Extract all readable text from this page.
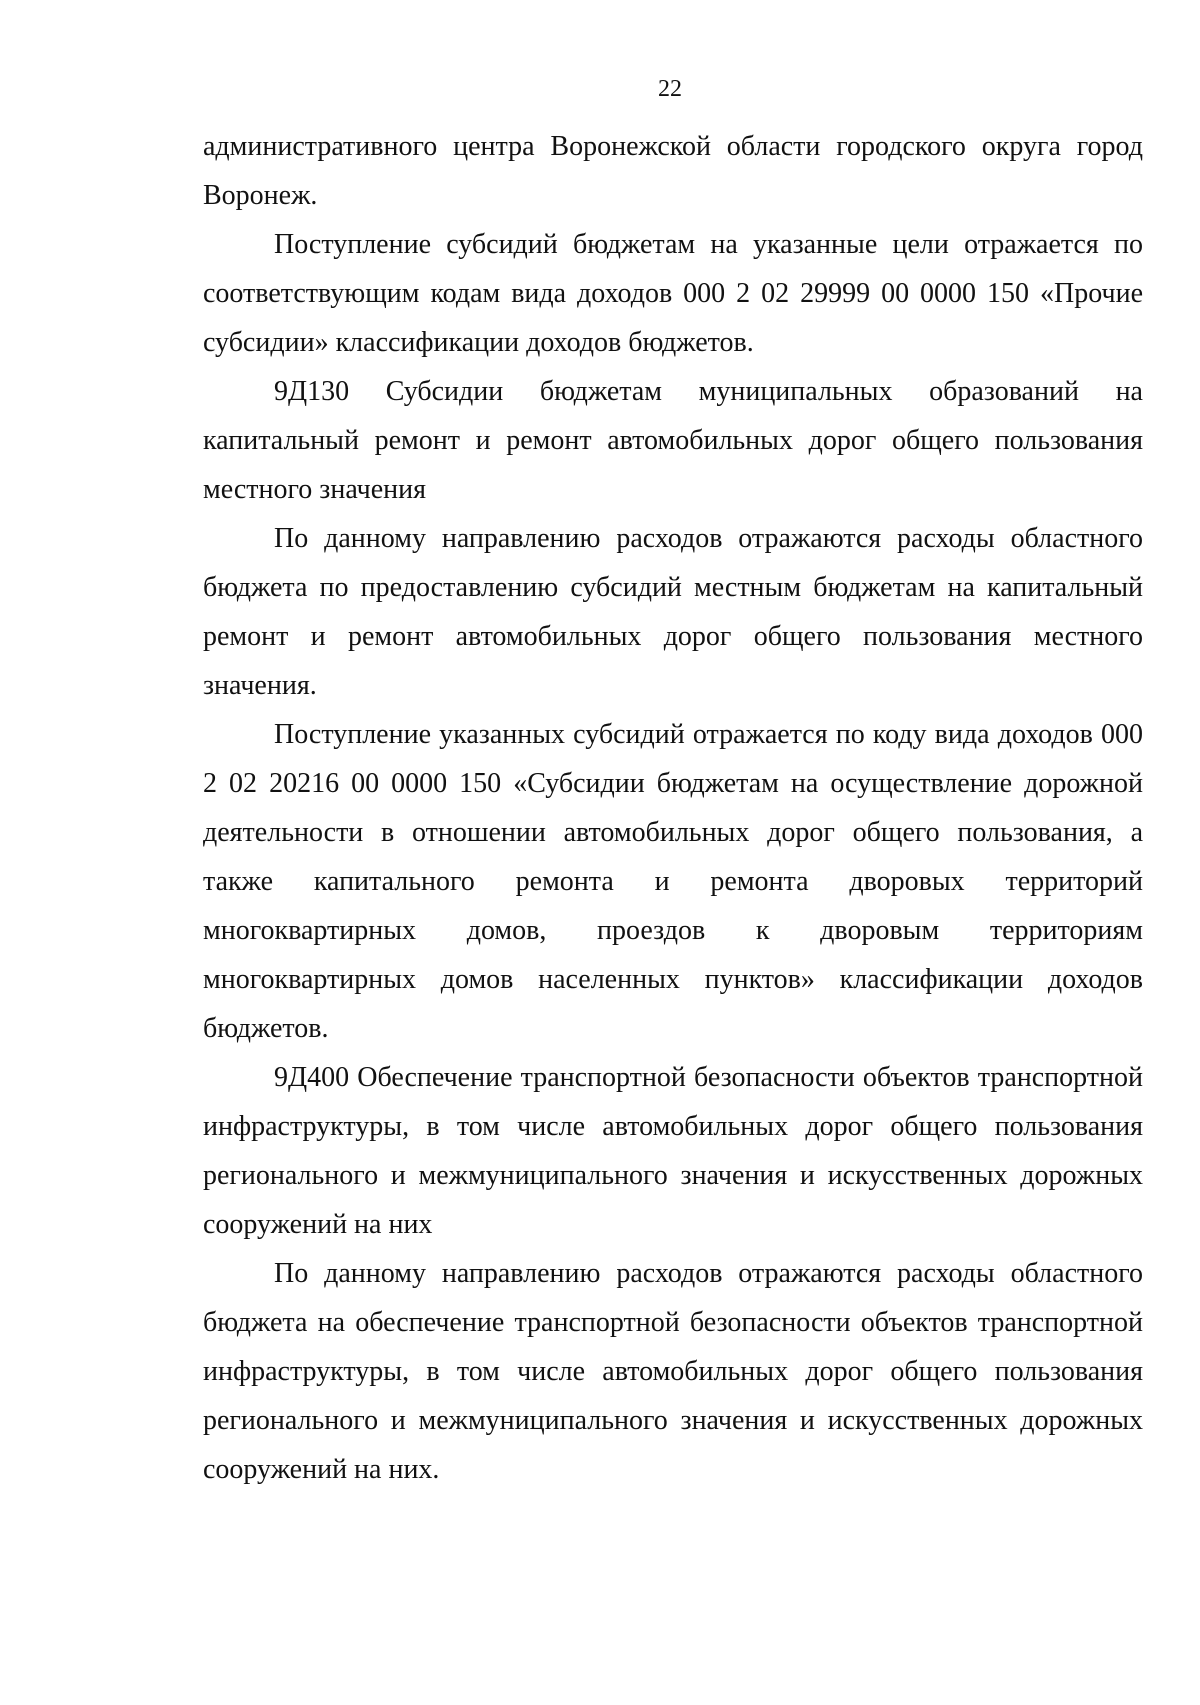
22

административного центра Воронежской области городского округа город Воронеж.

Поступление субсидий бюджетам на указанные цели отражается по соответствующим кодам вида доходов 000 2 02 29999 00 0000 150 «Прочие субсидии» классификации доходов бюджетов.

9Д130 Субсидии бюджетам муниципальных образований на капитальный ремонт и ремонт автомобильных дорог общего пользования местного значения

По данному направлению расходов отражаются расходы областного бюджета по предоставлению субсидий местным бюджетам на капитальный ремонт и ремонт автомобильных дорог общего пользования местного значения.

Поступление указанных субсидий отражается по коду вида доходов 000 2 02 20216 00 0000 150 «Субсидии бюджетам на осуществление дорожной деятельности в отношении автомобильных дорог общего пользования, а также капитального ремонта и ремонта дворовых территорий многоквартирных домов, проездов к дворовым территориям многоквартирных домов населенных пунктов» классификации доходов бюджетов.

9Д400 Обеспечение транспортной безопасности объектов транспортной инфраструктуры, в том числе автомобильных дорог общего пользования регионального и межмуниципального значения и искусственных дорожных сооружений на них

По данному направлению расходов отражаются расходы областного бюджета на обеспечение транспортной безопасности объектов транспортной инфраструктуры, в том числе автомобильных дорог общего пользования регионального и межмуниципального значения и искусственных дорожных сооружений на них.
